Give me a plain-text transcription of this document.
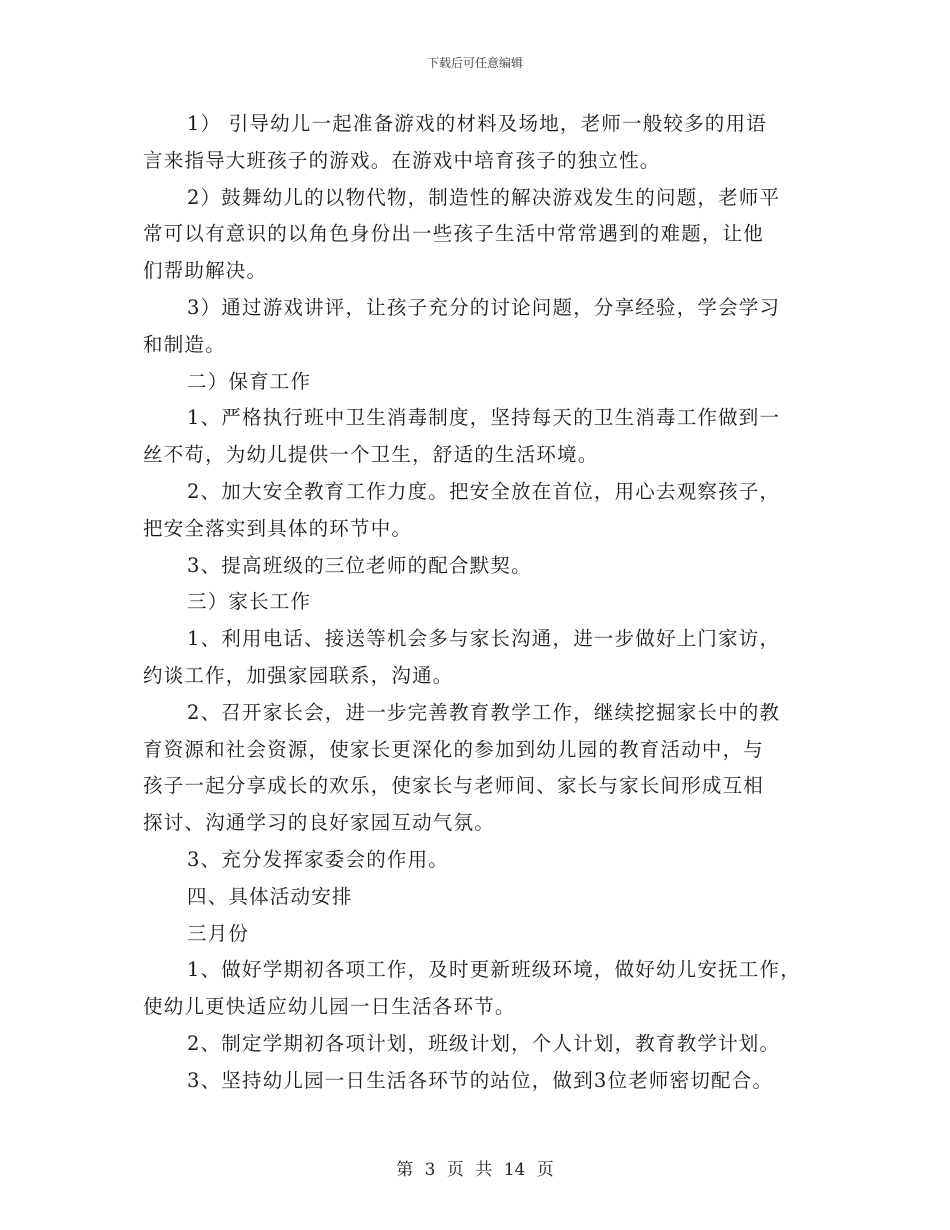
下载后可任意编辑
1） 引导幼儿一起准备游戏的材料及场地，老师一般较多的用语
言来指导大班孩子的游戏。在游戏中培育孩子的独立性。
2）鼓舞幼儿的以物代物，制造性的解决游戏发生的问题，老师平
常可以有意识的以角色身份出一些孩子生活中常常遇到的难题，让他
们帮助解决。
3）通过游戏讲评，让孩子充分的讨论问题，分享经验，学会学习
和制造。
二）保育工作
1、严格执行班中卫生消毒制度，坚持每天的卫生消毒工作做到一
丝不苟，为幼儿提供一个卫生，舒适的生活环境。
2、加大安全教育工作力度。把安全放在首位，用心去观察孩子，
把安全落实到具体的环节中。
3、提高班级的三位老师的配合默契。
三）家长工作
1、利用电话、接送等机会多与家长沟通，进一步做好上门家访，
约谈工作，加强家园联系，沟通。
2、召开家长会，进一步完善教育教学工作，继续挖掘家长中的教
育资源和社会资源，使家长更深化的参加到幼儿园的教育活动中，与
孩子一起分享成长的欢乐，使家长与老师间、家长与家长间形成互相
探讨、沟通学习的良好家园互动气氛。
3、充分发挥家委会的作用。
四、具体活动安排
三月份
1、做好学期初各项工作，及时更新班级环境，做好幼儿安抚工作，
使幼儿更快适应幼儿园一日生活各环节。
2、制定学期初各项计划，班级计划，个人计划，教育教学计划。
3、坚持幼儿园一日生活各环节的站位，做到3位老师密切配合。
第 3 页 共 14 页
